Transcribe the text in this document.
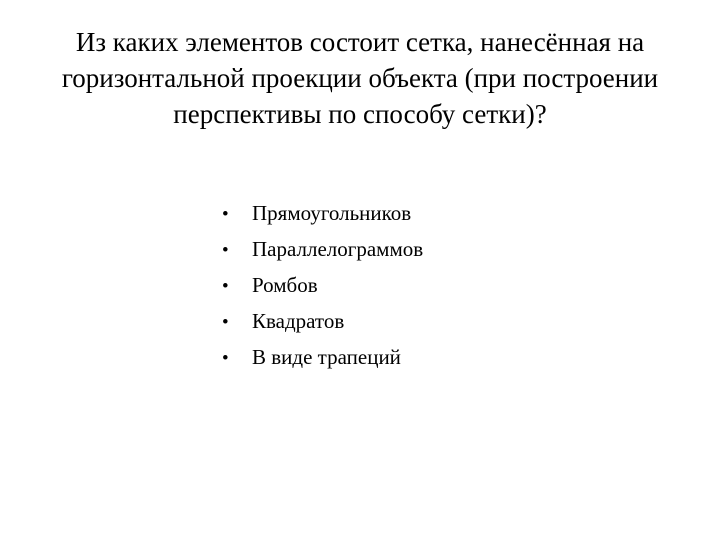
Из каких элементов состоит сетка, нанесённая на
горизонтальной проекции объекта (при построении
перспективы по способу сетки)?
•	Прямоугольников
•	Параллелограммов
•	Ромбов
•	Квадратов
•	В виде трапеций
